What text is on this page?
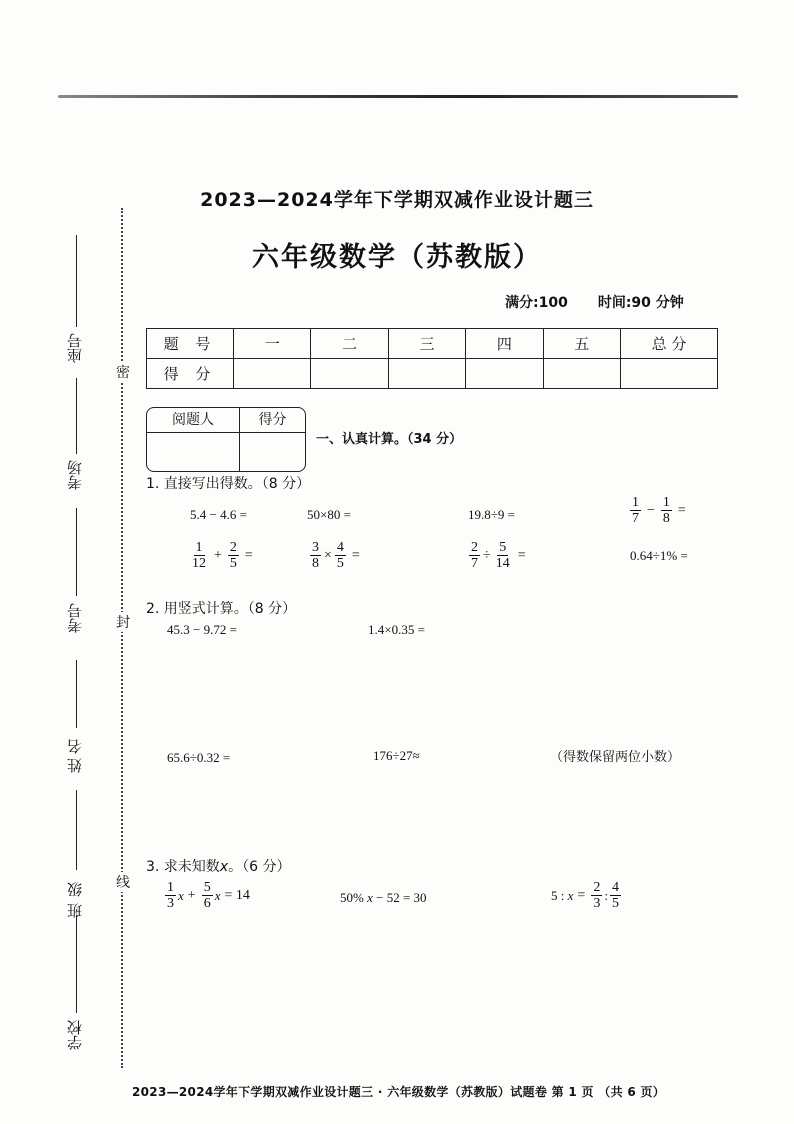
密
封
线
学校
班级
姓名
考号
考场
座号
2023—2024学年下学期双减作业设计题三
六年级数学（苏教版）
满分:100 时间:90 分钟
题 号	一	二	三	四	五	总 分
得 分						
阅题人	得分
一、认真计算。（34 分）
1. 直接写出得数。（8 分）
5.4 − 4.6 =	50×80 =	19.8÷9 =	$\frac{1}{7} - \frac{1}{8}$ =
$\frac{1}{12} + \frac{2}{5}$ =	$\frac{3}{8} \times \frac{4}{5}$ =	$\frac{2}{7} \div \frac{5}{14}$ =	0.64÷1% =
2. 用竖式计算。（8 分）
45.3 − 9.72 =	1.4×0.35 =
65.6÷0.32 =	176÷27≈	（得数保留两位小数）
3. 求未知数x。（6 分）
$\frac{1}{3}$ $x + \frac{5}{6}$ x = 14	50%
x
− 52 = 30	5 :
$x = \frac{2}{3}$ : $\frac{4}{5}$
2023—2024学年下学期双减作业设计题三 · 六年级数学（苏教版）试题卷 第 1 页 （共 6 页）
